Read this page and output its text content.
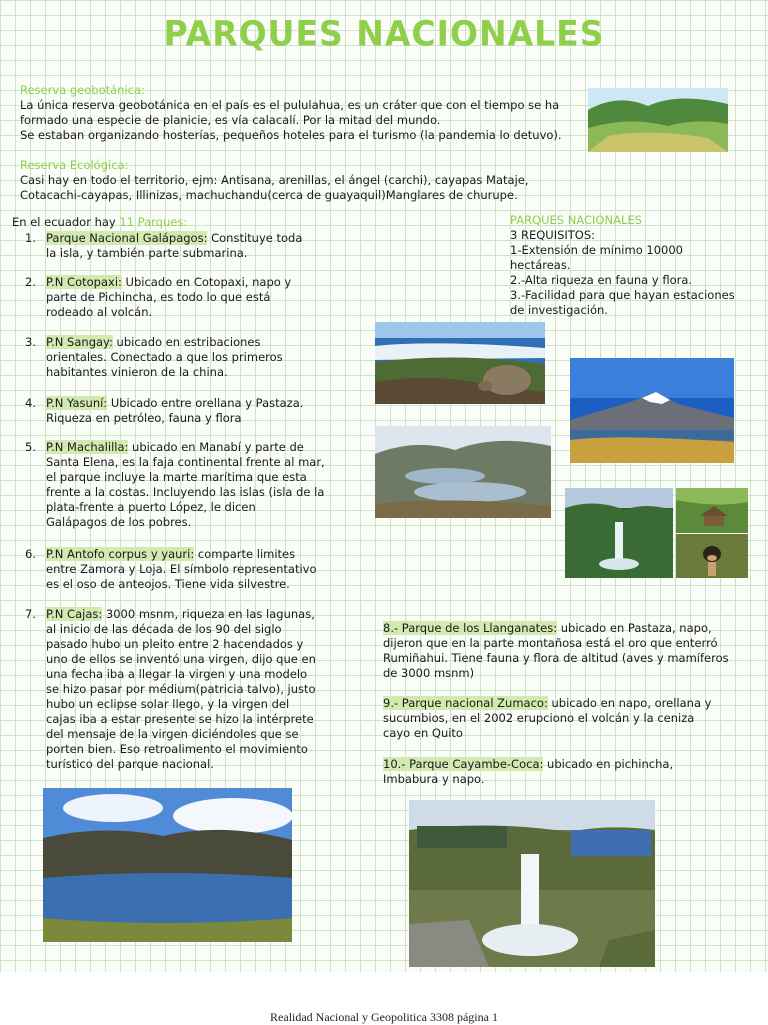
PARQUES NACIONALES
Reserva geobotánica:
La única reserva geobotánica en el país es el pululahua, es un cráter que con el tiempo se ha
formado una especie de planicie, es vía calacalí. Por la mitad del mundo.
Se estaban organizando hosterías, pequeños hoteles para el turismo (la pandemia lo detuvo).
Reserva Ecológica:
Casi hay en todo el territorio, ejm: Antisana, arenillas, el ángel (carchi), cayapas Mataje,
Cotacachi-cayapas, Illinizas, machuchandu(cerca de guayaquil)Manglares de churupe.
En el ecuador hay 11 Parques:
1. Parque Nacional Galápagos: Constituye toda
la isla, y también parte submarina.
2. P.N Cotopaxi: Ubicado en Cotopaxi, napo y
parte de Pichincha, es todo lo que está
rodeado al volcán.
3. P.N Sangay: ubicado en estribaciones
orientales. Conectado a que los primeros
habitantes vinieron de la china.
4. P.N Yasuní: Ubicado entre orellana y Pastaza.
Riqueza en petróleo, fauna y flora
5. P.N Machalilla: ubicado en Manabí y parte de
Santa Elena, es la faja continental frente al mar,
el parque incluye la marte marítima que esta
frente a la costas. Incluyendo las islas (isla de la
plata-frente a puerto López, le dicen
Galápagos de los pobres.
6. P.N Antofo corpus y yauri: comparte limites
entre Zamora y Loja. El símbolo representativo
es el oso de anteojos. Tiene vida silvestre.
7. P.N Cajas: 3000 msnm, riqueza en las lagunas,
al inicio de las década de los 90 del siglo
pasado hubo un pleito entre 2 hacendados y
uno de ellos se inventó una virgen, dijo que en
una fecha iba a llegar la virgen y una modelo
se hizo pasar por médium(patricia talvo), justo
hubo un eclipse solar llego, y la virgen del
cajas iba a estar presente se hizo la intérprete
del mensaje de la virgen diciéndoles que se
porten bien. Eso retroalimento el movimiento
turístico del parque nacional.
PARQUES NACIONALES
3 REQUISITOS:
1-Extensión de mínimo 10000
hectáreas.
2.-Alta riqueza en fauna y flora.
3.-Facilidad para que hayan estaciones
de investigación.
8.- Parque de los Llanganates: ubicado en Pastaza, napo,
dijeron que en la parte montañosa está el oro que enterró
Rumiñahui. Tiene fauna y flora de altitud (aves y mamíferos
de 3000 msnm)
9.- Parque nacional Zumaco: ubicado en napo, orellana y
sucumbios, en el 2002 erupciono el volcán y la ceniza
cayo en Quito
10.- Parque Cayambe-Coca: ubicado en pichincha,
Imbabura y napo.
Realidad Nacional y Geopolitica 3308 página 1
